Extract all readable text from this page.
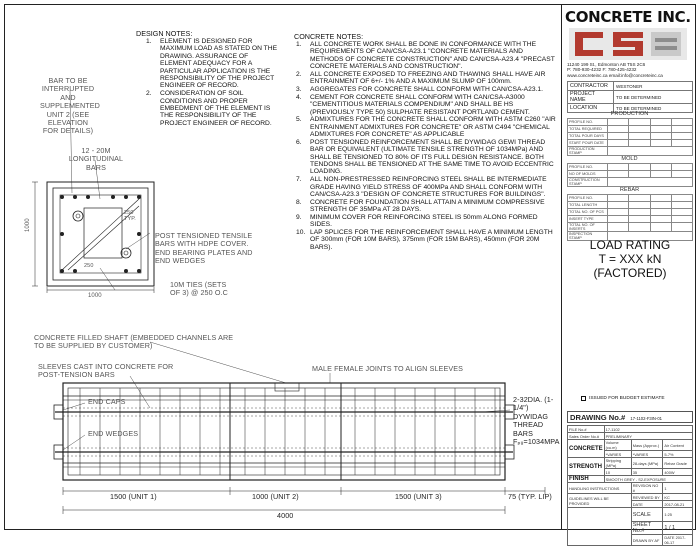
BAR TO BE INTERRUPTED AND SUPPLEMENTED UNIT 2 (SEE ELEVATION FOR DETAILS)
12 - 20M LONGITUDINAL BARS
POST TENSIONED TENSILE BARS WITH HDPE COVER. END BEARING PLATES AND END WEDGES
10M TIES (SETS OF 3) @ 250 O.C
250 TYP.
250
1000
1000
CONCRETE FILLED SHAFT (EMBEDDED CHANNELS ARE TO BE SUPPLIED BY CUSTOMER)
SLEEVES CAST INTO CONCRETE FOR POST-TENSION BARS
MALE FEMALE JOINTS TO ALIGN SLEEVES
END CAPS
END WEDGES
2-32DIA. (1-1/4") DYWIDAG THREAD BARS Fₚᵤ=1034MPA
1500 (UNIT 1)	1000 (UNIT 2)	1500 (UNIT 3)	75 (TYP. LIP)
4000
DESIGN NOTES:
1. ELEMENT IS DESIGNED FOR MAXIMUM LOAD AS STATED ON THE DRAWING. ASSURANCE OF ELEMENT ADEQUACY FOR A PARTICULAR APPLICATION IS THE RESPONSIBILITY OF THE PROJECT ENGINEER OF RECORD.
2. CONSIDERATION OF SOIL CONDITIONS AND PROPER EMBEDMENT OF THE ELEMENT IS THE RESPONSIBILITY OF THE PROJECT ENGINEER OF RECORD.
CONCRETE NOTES:
1. ALL CONCRETE WORK SHALL BE DONE IN CONFORMANCE WITH THE REQUIREMENTS OF CAN/CSA-A23.1 "CONCRETE MATERIALS AND METHODS OF CONCRETE CONSTRUCTION" AND CAN/CSA-A23.4 "PRECAST CONCRETE MATERIALS AND CONSTRUCTION".
2. ALL CONCRETE EXPOSED TO FREEZING AND THAWING SHALL HAVE AIR ENTRAINMENT OF 6+/- 1% AND A MAXIMUM SLUMP OF 100mm.
3. AGGREGATES FOR CONCRETE SHALL CONFORM WITH CAN/CSA-A23.1.
4. CEMENT FOR CONCRETE SHALL CONFORM WITH CAN/CSA-A3000 "CEMENTITIOUS MATERIALS COMPENDIUM" AND SHALL BE HS (PREVIOUSLY TYPE 50) SULPHATE RESISTANT PORTLAND CEMENT.
5. ADMIXTURES FOR THE CONCRETE SHALL CONFORM WITH ASTM C260 "AIR ENTRAINMENT ADMIXTURES FOR CONCRETE" OR ASTM C494 "CHEMICAL ADMIXTURES FOR CONCRETE" AS APPLICABLE
6. POST TENSIONED REINFORCEMENT SHALL BE DYWIDAG GEWI THREAD BAR OR EQUIVALENT (ULTIMATE TENSILE STRENGTH OF 1034MPa) AND SHALL BE TENSIONED TO 80% OF ITS FULL DESIGN RESISTANCE. BOTH TENDONS SHALL BE TENSIONED AT THE SAME TIME TO AVOID ECCENTRIC LOADING.
7. ALL NON-PRESTRESSED REINFORCING STEEL SHALL BE INTERMEDIATE GRADE HAVING YIELD STRESS OF 400MPa AND SHALL CONFORM WITH CAN/CSA-A23.3 "DESIGN OF CONCRETE STRUCTURES FOR BUILDINGS".
8. CONCRETE FOR FOUNDATION SHALL ATTAIN A MINIMUM COMPRESSIVE STRENGTH OF 35MPa AT 28 DAYS.
9. MINIMUM COVER FOR REINFORCING STEEL IS 50mm ALONG FORMED SIDES.
10. LAP SPLICES FOR THE REINFORCEMENT SHALL HAVE A MINIMUM LENGTH OF 300mm (FOR 10M BARS), 375mm (FOR 15M BARS), 450mm (FOR 20M BARS).
CONCRETE INC.
11240 199 St., Edmonton AB T5S 2C6
P: 780-930-4232 F: 780-425-4232
www.concreteinc.ca email:info@concreteinc.ca
CONTRACTOR	WESTONER
PROJECT NAME	TO BE DETERMINED
LOCATION	TO BE DETERMINED
PRODUCTION
PROFILE NO.				
TOTAL REQUIRED				
TOTAL POUR DAYS				
START POUR DATE				
PRODUCTION STAMP				
MOLD
PROFILE NO.				
NO OF MOLDS				
CONSTRUCTION STAMP				
REBAR
PROFILE NO.				
TOTAL LENGTH				
TOTAL NO. OF PCS				
INSERT TYPE				
TOTAL NO. OF INSERTS				
INSPECTION STAMP				LOAD RATING
T = XXX kN
(FACTORED)
ISSUED FOR BUDGET ESTIMATE
DRAWING No.# 17-1102-F3IN-01
FILE No.#	17-1102		
Sales Order No.#	PRELIMINARY		
CONCRETE	Volume (cu.m)	Mass (Approx.)	Air Content
	*VARIES	*VARIES	5-7%
STRENGTH	Stripping (MPa)	28-days (MPa)	Rebar Grade
	10	35	400W
FINISH	SMOOTH GREY - S2-EXPOSURE		
HANDLING INSTRUCTIONS		REVISION NO #	1
GUIDELINES WILL BE PROVIDED		REVIEWED BY	KC
		DATE	2017-08-21
		SCALE	1:25
		SHEET No.#	1 / 1
		DRAWN BY AF	DATE 2017-06-17
